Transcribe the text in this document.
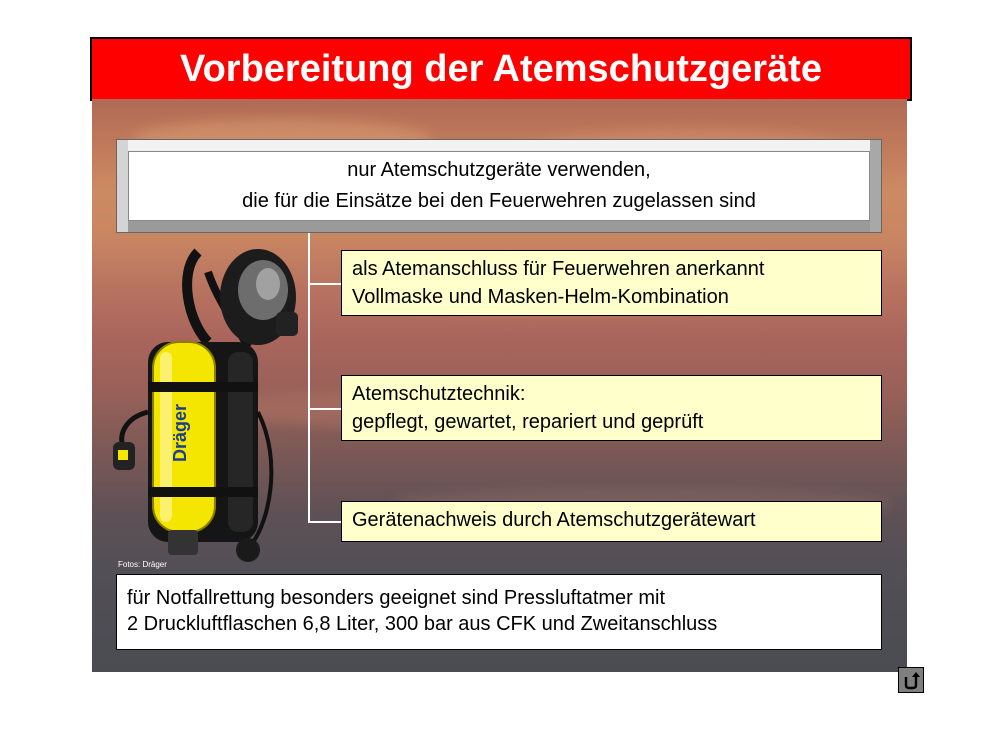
Vorbereitung der Atemschutzgeräte
Dräger
nur Atemschutzgeräte verwenden,
die für die Einsätze bei den Feuerwehren zugelassen sind
als Atemanschluss für Feuerwehren anerkannt
Vollmaske und Masken-Helm-Kombination
Atemschutztechnik:
gepflegt, gewartet, repariert und geprüft
Gerätenachweis durch Atemschutzgerätewart
Fotos: Dräger
für Notfallrettung besonders geeignet sind Pressluftatmer mit
2 Druckluftflaschen 6,8 Liter, 300 bar aus CFK und Zweitanschluss
